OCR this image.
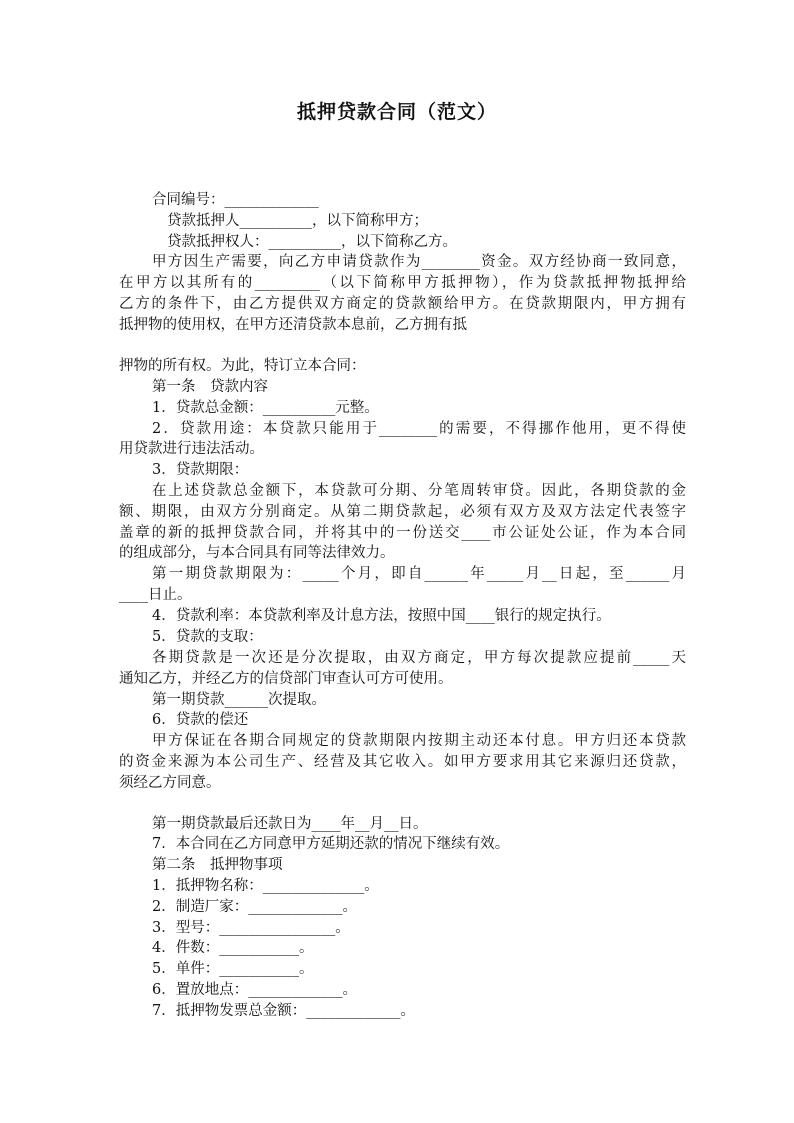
抵押贷款合同（范文）
合同编号：_____________
贷款抵押人__________，以下简称甲方；
贷款抵押权人：__________，以下简称乙方。
甲方因生产需要，向乙方申请贷款作为________资金。双方经协商一致同意，
在甲方以其所有的_________（以下简称甲方抵押物），作为贷款抵押物抵押给
乙方的条件下，由乙方提供双方商定的贷款额给甲方。在贷款期限内，甲方拥有
抵押物的使用权，在甲方还清贷款本息前，乙方拥有抵
押物的所有权。为此，特订立本合同：
第一条　贷款内容
1．贷款总金额：__________元整。
2．贷款用途：本贷款只能用于________的需要，不得挪作他用，更不得使
用贷款进行违法活动。
3．贷款期限：
在上述贷款总金额下，本贷款可分期、分笔周转审贷。因此，各期贷款的金
额、期限，由双方分别商定。从第二期贷款起，必须有双方及双方法定代表签字
盖章的新的抵押贷款合同，并将其中的一份送交____市公证处公证，作为本合同
的组成部分，与本合同具有同等法律效力。
第一期贷款期限为：_____个月，即自______年_____月__日起，至______月
____日止。
4．贷款利率：本贷款利率及计息方法，按照中国____银行的规定执行。
5．贷款的支取：
各期贷款是一次还是分次提取，由双方商定，甲方每次提款应提前_____天
通知乙方，并经乙方的信贷部门审查认可方可使用。
第一期贷款______次提取。
6．贷款的偿还
甲方保证在各期合同规定的贷款期限内按期主动还本付息。甲方归还本贷款
的资金来源为本公司生产、经营及其它收入。如甲方要求用其它来源归还贷款，
须经乙方同意。
第一期贷款最后还款日为____年__月__日。
7．本合同在乙方同意甲方延期还款的情况下继续有效。
第二条　抵押物事项
1．抵押物名称：______________。
2．制造厂家：_____________。
3．型号：________________。
4．件数：___________。
5．单件：___________。
6．置放地点：_____________。
7．抵押物发票总金额：_____________。
